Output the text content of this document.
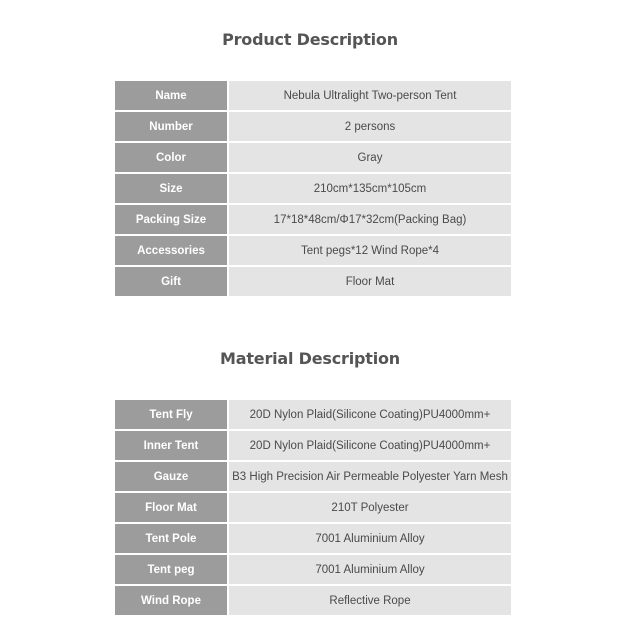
Product Description
Name	Nebula Ultralight Two-person Tent
Number	2 persons
Color	Gray
Size	210cm*135cm*105cm
Packing Size	17*18*48cm/Φ17*32cm(Packing Bag)
Accessories	Tent pegs*12 Wind Rope*4
Gift	Floor Mat
Material Description
Tent Fly	20D Nylon Plaid(Silicone Coating)PU4000mm+
Inner Tent	20D Nylon Plaid(Silicone Coating)PU4000mm+
Gauze	B3 High Precision Air Permeable Polyester Yarn Mesh
Floor Mat	210T Polyester
Tent Pole	7001 Aluminium Alloy
Tent peg	7001 Aluminium Alloy
Wind Rope	Reflective Rope
